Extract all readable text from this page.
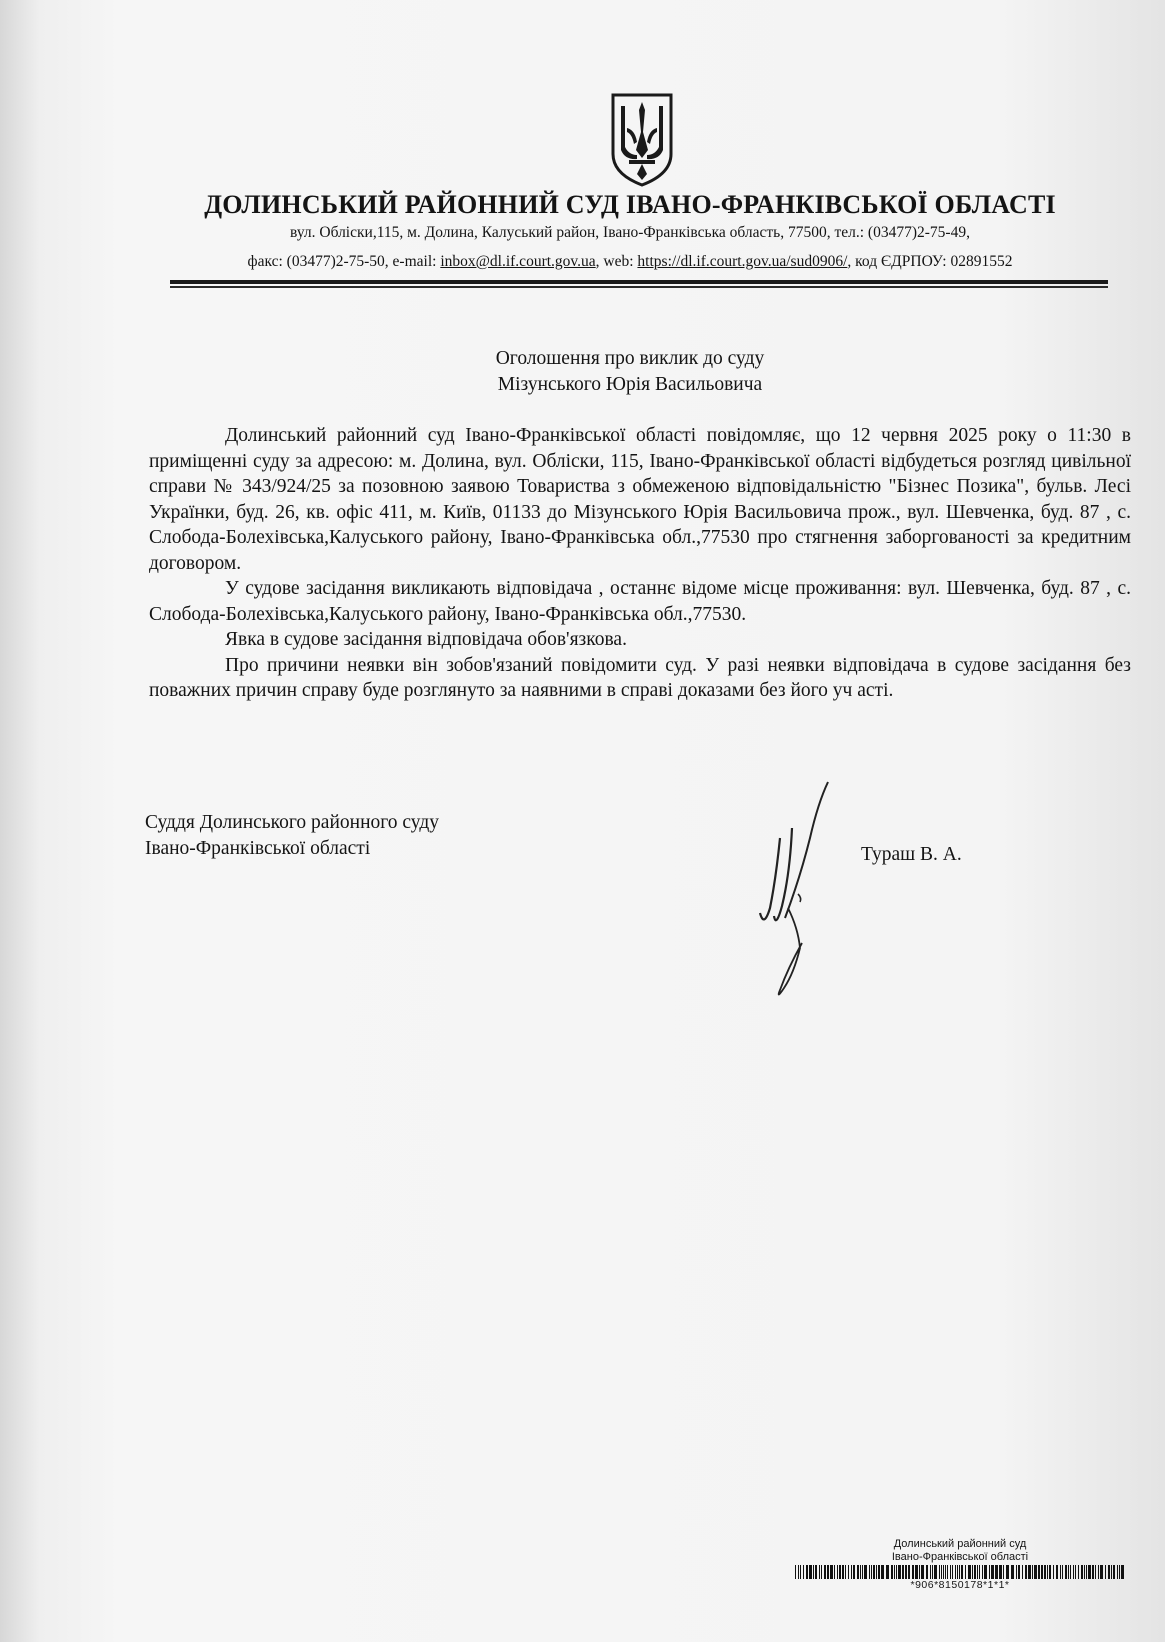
ДОЛИНСЬКИЙ РАЙОННИЙ СУД ІВАНО-ФРАНКІВСЬКОЇ ОБЛАСТІ
вул. Обліски,115, м. Долина, Калуський район, Івано-Франківська область, 77500, тел.: (03477)2-75-49,
факс: (03477)2-75-50, e-mail: inbox@dl.if.court.gov.ua, web: https://dl.if.court.gov.ua/sud0906/, код ЄДРПОУ: 02891552
Оголошення про виклик до суду
Мізунського Юрія Васильовича

Долинський районний суд Івано-Франківської області повідомляє, що 12 червня 2025 року о 11:30 в приміщенні суду за адресою: м. Долина, вул. Обліски, 115, Івано-Франківської області відбудеться розгляд цивільної справи № 343/924/25 за позовною заявою Товариства з обмеженою відповідальністю "Бізнес Позика", бульв. Лесі Українки, буд. 26, кв. офіс 411, м. Київ, 01133 до Мізунського Юрія Васильовича прож., вул. Шевченка, буд. 87 , с. Слобода-Болехівська,Калуського району, Івано-Франківська обл.,77530 про стягнення заборгованості за кредитним договором.

У судове засідання викликають відповідача , останнє відоме місце проживання: вул. Шевченка, буд. 87 , с. Слобода-Болехівська,Калуського району, Івано-Франківська обл.,77530.

Явка в судове засідання відповідача обов'язкова.

Про причини неявки він зобов'язаний повідомити суд. У разі неявки відповідача в судове засідання без поважних причин справу буде розглянуто за наявними в справі доказами без його уч асті.

Суддя Долинського районного суду
Івано-Франківської області	Тураш В. А.
Долинський районний суд
Івано-Франківської області
*906*8150178*1*1*
